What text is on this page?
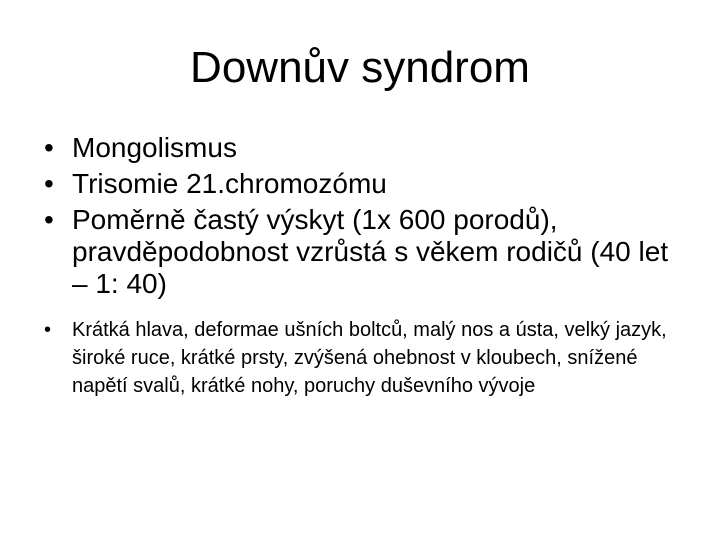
Downův syndrom
• Mongolismus
• Trisomie 21.chromozómu
• Poměrně častý výskyt (1x 600 porodů), pravděpodobnost vzrůstá s věkem rodičů (40 let – 1: 40)
• Krátká hlava, deformae ušních boltců, malý nos a ústa, velký jazyk, široké ruce, krátké prsty, zvýšená ohebnost v kloubech, snížené napětí svalů, krátké nohy, poruchy duševního vývoje
